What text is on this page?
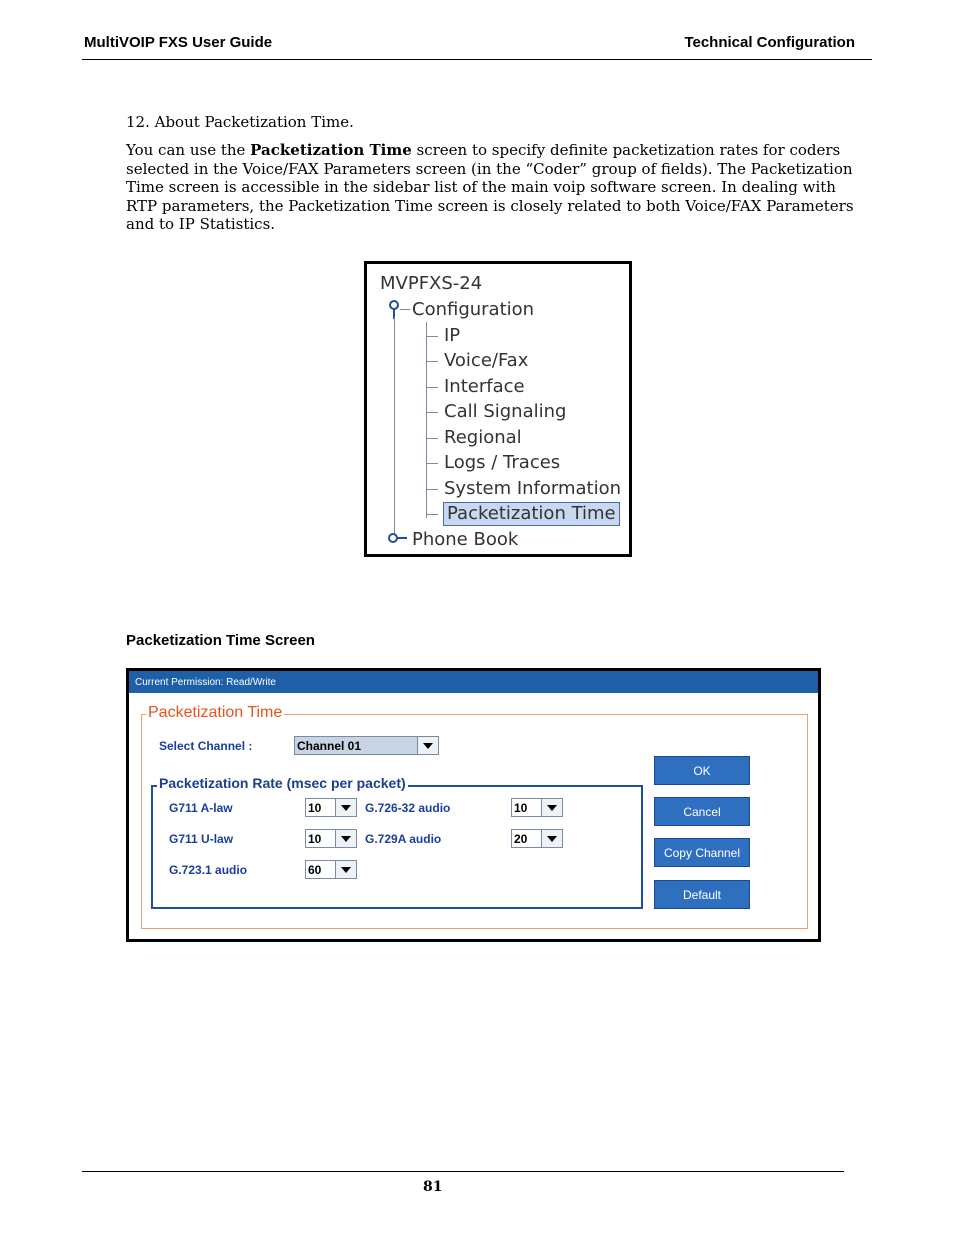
MultiVOIP FXS User Guide	Technical Configuration
12. About Packetization Time.
You can use the Packetization Time screen to specify definite packetization rates for coders selected in the Voice/FAX Parameters screen (in the “Coder” group of fields). The Packetization Time screen is accessible in the sidebar list of the main voip software screen. In dealing with RTP parameters, the Packetization Time screen is closely related to both Voice/FAX Parameters and to IP Statistics.
MVPFXS-24
Configuration
IP
Voice/Fax
Interface
Call Signaling
Regional
Logs / Traces
System Information
Packetization Time
Phone Book
Packetization Time Screen
Current Permission: Read/Write
Packetization Time
Select Channel :	Channel 01
Packetization Rate (msec per packet)
G711 A-law	10	G.726-32 audio	10
G711 U-law	10	G.729A audio	20
G.723.1 audio	60
OK
Cancel
Copy Channel
Default
81
